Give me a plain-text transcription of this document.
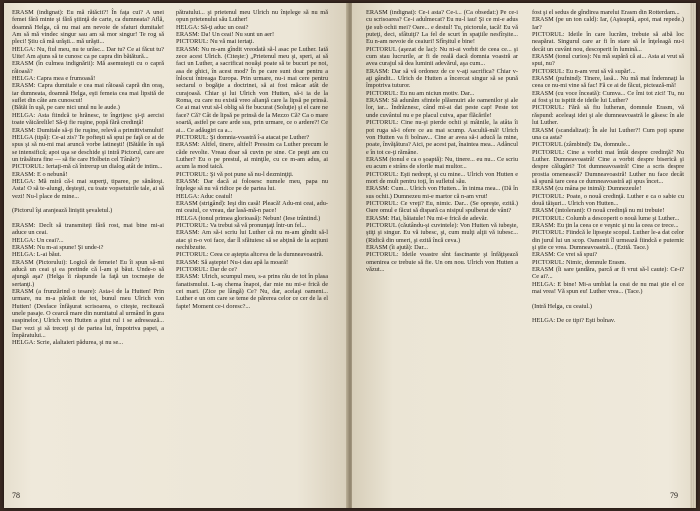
ERASM (indignat): Eu mă rătăcit?! În faţa cui? A unei femei fără minte şi fără ştiinţă de carte, ca dumneata? Află, doamnă Helga, că nu mai am nevoie de sfaturi dumitale! Am să mă vindec singur sau am să mor singur! Te rog să pleci! Ştiu că mă urăşti... mă urăşti...
HELGA: Nu, fiul meu, nu te urăsc... Dar tu? Ce ai făcut tu? Uite! Am ajuns să te cunosc ca pe capra din bătătură...
ERASM (în culmea indignării): Mă asemuieşti cu o capră râioasă?
HELGA: Capra mea e frumoasă!
ERASM: Capra dumitale e cea mai râioasă capră din oraş, iar dumneata, doamnă Helga, eşti femeia cea mai lipsită de suflet din câte am cunoscut!
(Bătăi în uşă, pe care nici unul nu le aude.)
HELGA: Asta fiindcă te hrănesc, te îngrijesc şi-ţi aercisi toate văicărelile! Să-ţi fie ruşine, popă fără credinţă!
ERASM: Dumitale să-ţi fie ruşine, relevă a primitivismului!
HELGA (tipă): Ce-ai zis? Te pofteşti să spui pe faţă ce ai de spus şi să nu-mi mai aruncă vorbe latineşti! (Bătăile în uşă se intensifică; apoi uşa se deschide şi intră Pictorul, care are un trăsătura fine — să fie care Holbein cel Tânăr?)
PICTORUL: Iertaţi-mă că întrerup un dialog atât de intim...
ERASM: E o nebună!
HELGA: Mă miră că-i mai superţi, tiparee, pe sănătoşi. Asta! O să te-alungi, deşteşti, cu toate vopsetuirile tale, ai să vezi! Nu-l place de mine...

(Pictorul îşi aranjează liniştit şevaletul.)

ERASM: Decît să transmiteţi fără rost, mai bine mi-ai aduce un ceai.
HELGA: Un ceai?...
ERASM: Nu m-ai spune! Şi unde-i?
HELGA: L-ai băut.
ERASM (Pictorului): Logică de femeie! Eu îi spun să-mi aducă un ceai şi ea pretinde că l-am şi băut. Unde-o să ajungă aşa? (Helga îi răspunde la faţă un tocmeşte de sertanţi.)
ERASM (a frunzărind o tesare): Asta-i de la Hutten! Prin urmare, nu m-a părăsit de tot, bunul meu Ulrich von Hutten! (Desface înfăşurat scrisoarea, o citeşte, recitează unele pasaje. O cearcă mare din numitatul al urmând în gura suspinelor.) Ulrich von Hutten a ştiut rul i se adresează... Dar vezi şi să treceţi şi de partea lui, împotriva papei, a împăratului...
HELGA: Scrie, alaltaieri pădurea, şi nu se...

pătratului... şi prietenul meu Ulrich nu înţelege să nu mă opun prietenului său Luther!
HELGA: Să-ţi aduc un ceai?
ERASM: Da! Un ceai! Nu sunt un aer!
PICTORUL: Nu vă mai iertaţi.
ERASM: Nu m-am gîndit vreodată să-l asac pe Luther. Iată zece acest Ulrich. (Citeşte:) „Prietenul meu şi, speri, ai să faci un Luther, a sacrificat nouăşi poate să te bucuri pe noi, asa de ghici, în acest mod? În pe care sunt doar pentru a înlocui întreaga Europa. Prin urmare, nu-i mai cere pentru sectarul o bogăţie a doctrinei, să ai fost măcar atât de curajoasă. Chiar şi lui Ulrich von Hutten, să-i ia de la Roma, cu care nu există vreo alianţă care la lipsă pe prinsă. Ce ai mai vrut să-l oblig să fie bucurat (Soluţie) şi el care ne face? Că? Cât de lipsă pe prinsă de la Mezzo Că? Ca o mare soartă, astfel pe care arde sus, prin urmare, ce o ardere?! Ce ai... Ce adăugiri ca a...
PICTORUL: Şi domnia-voastră î-a atacat pe Luther?
ERASM: Altfel, tinere, altfel! Pressim ca Luther precum le căde revolte. Vreau doar să cuvin pe sine. Ce peşti am cu Luther? Eu o pe prestul, ai minţile, cu ce m-am adus, ai acum la mod taică.
PICTORUL: Şi vă pot pune să nu-l dezminţiţi.
ERASM: Dar dacă ai folosesc numele meu, papa nu înţelege să nu vă ridice pe de partea lui.
HELGA: Aduc ceaiul!
ERASM (strigând): Ieşi din casă! Pleacă! Adu-mi ceai, adu-mi ceaiul, ce vreau, dar lasă-mă-n pace!
HELGA (tonul primea glorioasă): Nebun! (Iese trântind.)
PICTORUL: Va trebui să vă pronunţaţi într-un fel...
ERASM: Am să-i scriu lui Luther că nu m-am gîndit să-l atac şi n-o voi face, dar îl sfătuiesc să se abţină de la acţiuni nechibzuite.
PICTORUL: Ceea ce aştepta altceva de la dumneavoastră.
ERASM: Să aştepte! Nu-i dau apă la moară!
PICTORUL: Dar de ce?
ERASM: Ulrich, scumpul meu, s-a prins rău de tot în plasa fanatismului. L-aş chema înapoi, dar mie nu mi-e frică de cei mari. (Zice pe lângă) Ce? Nu, dar, acelaşi oameni... Luther e un om care se teme de părerea celor ce cer de la el fapte! Moment ce-i doresc?...

78

ERASM (indignat): Ce-i asta? Ce-i... (Ca obsedat:) Pe ce-i cu scrisoarea? Ce-i adulmecat? Eu nu-l iau! Şi ce mi-e adus ţie sub ochii mei? Oare... e destul! Tu, pictorule, tacă! Eu vă puteţi, deci, sfâtuiţi? La fel de scurt în spaţiile nesfîrşite... Eu n-am nevoie de ceaiuri! Sfîrşitul e bine!
PICTORUL (aşezat de lac): Nu ni-ai vorbit de ceea ce... şi cum stau lucrurile, ar fi de reală dacă domnia voastră ar avea curajul să dea luminii adevărul, aşa cum...
ERASM: Dar să vă ordonez de ce v-aţi sacrifica? Chiar v-aţi gândit... Ulrich de Hutten a încercat singur să se pună împotriva tuturor.
PICTORUL: Eu nu am niciun motiv. Dar...
ERASM: Să adunăm sfintele plăsmuiri ale oamenilor şi ale lor, iar... Îndrăznesc, când mi-ai dat peste cap! Peste tot unde cuvântul nu e pe placul cuiva, apar flăcările!
PICTORUL: Cine nu-şi pierde ochii şi mâinile, la atâta îi pot ruga să-i ofere ce au mai scump. Ascultă-mă! Ulrich von Hutten va fi bolnav... Cine ar avea să-i aducă la mine, poate, învăţătura? Aici, pe acest pat, înaintea mea... Adâncul e în tot ce-ţi rămâne.
ERASM (tonul e ca o şoaptă): Nu, tinere... eu nu... Ce scriu eu acum e strâns de sforile mai multor...
PICTORUL: Eşti nedrept, şi cu mine... Ulrich von Hutten e mort de mult pentru toţi, în sufletul său.
ERASM: Cum... Ulrich von Hutten... în inima mea... (Dă în sus ochii.) Dumnezeu mi-e martor că n-am vrut!
PICTORUL: Ce vreţi? Eu, nimic. Dar... (Se opreşte, ezită.) Oare omul e făcut să dispară ca nisipul spulberat de vânt?
ERASM: Hai, băiatule! Nu mi-e frică de adevăr.
PICTORUL (căutându-şi cuvintele): Von Hutten vă iubeşte, ştiţi şi singur. Eu vă iubesc, şi, cum mulţi alţii vă iubesc... (Ridică din umeri, şi ezită încă ceva.)
ERASM (îi ajută): Dar...
PICTORUL: Ideile voastre sînt fascinante şi înfăţişează omenirea ce trebuie să fie. Un om nou. Ulrich von Hutten a văzut...

fost şi el sedus de gîndirea marelui Erasm din Rotterdam...
ERASM (pe un ton cald): Iar, (Aşteaptă, apoi, mai repede.) Iar?
PICTORUL: Ideile în care lucrăm, trebuie să aibă loc neapărat. Singurul care ar fi în stare să le înţeleagă nu-i decât un cuvânt nou, descoperit în lumină...
ERASM (tonul curios): Nu mă supără că ai... Asta ai vrut să spui, nu?
PICTORUL: Eu n-am vrut să vă supăr!...
ERASM (pufnind): Tinere, lasă... Nu mă mai îndemnaţi la ceea ce nu-mi vine să fac! Fă ce ai de făcut, pictează-mă!
ERASM (cu voce înceată): Cumva... Ce îmi tot zici! Tu, nu ai fost şi tu ispitit de ideile lui Luther?
PICTORUL: Fără să fiu lutheran, domnule Erasm, vă răspund: aceleaşi idei şi ale dumneavoastră le găsesc în ale lui Luther.
ERASM (scandalizat): În ale lui Luther?! Cum poţi spune una ca asta?
PICTORUL (zâmbind): Da, domnule...
PICTORUL: Cine a vorbit mai întâi despre credinţă? Nu Luther. Dumneavoastră! Cine a vorbit despre biserică şi despre călugări? Tot dumneavoastră! Cine a scris despre prostia omenească? Dumneavoastră! Luther nu face decât să spună tare ceea ce dumneavoastră aţi spus încet...
ERASM (cu mâna pe inimă): Dumnezeule!
PICTORUL: Poate, o nouă credinţă. Luther e ca o sabie cu două tăişuri... Ulrich von Hutten...
ERASM (intolerant): O nouă credinţă nu mi trebuie!
PICTORUL: Columb a descoperit o nouă lume şi Luther...
ERASM: Eu ţin la ceea ce e veşnic şi nu la ceea ce trece...
PICTORUL: Fiindcă le lipseşte scopul. Luther le-a dat celor din jurul lui un scop. Oamenii îl urmează fiindcă e puternic şi ştie ce vrea. Dumneavoastră... (Ezită. Tace.)
ERASM: Ce vrei să spui?
PICTORUL: Nimic, domnule Erasm.
ERASM (îi sare ţandăra, parcă ar fi vrut să-l caute): Ce-i? Ce ai?...
HELGA: E bine! Mi-a umblat la ceai de nu mai ştie el ce mai vrea! Vă spun eu! Luther vrea... (Tace.)

(Intră Helga, cu ceaiul.)

HELGA: De ce tipi? Eşti bolnav.

79
